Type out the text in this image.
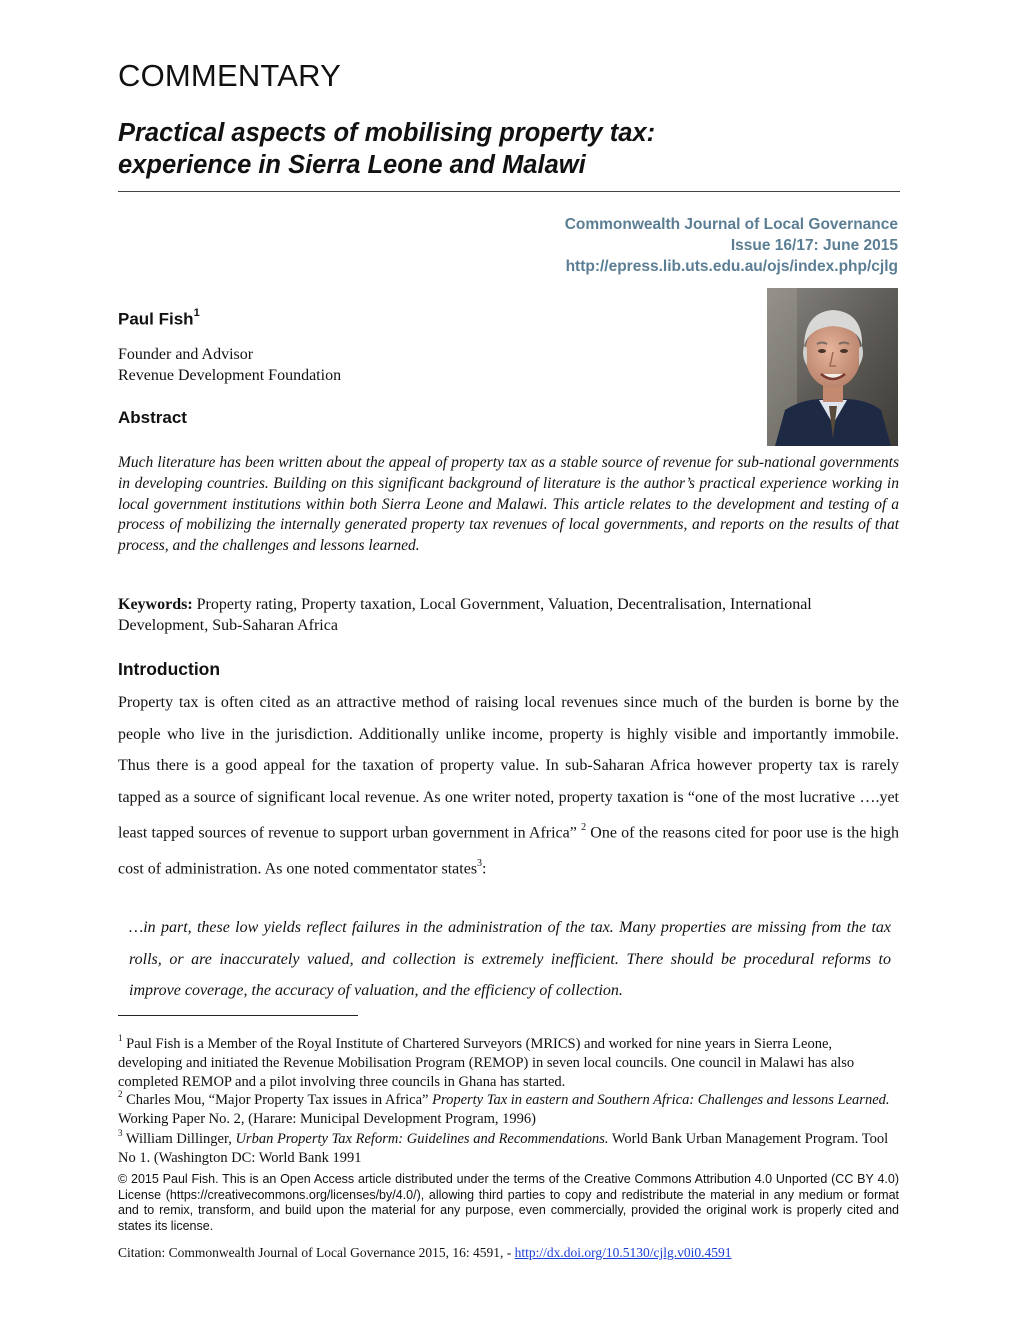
COMMENTARY
Practical aspects of mobilising property tax:
experience in Sierra Leone and Malawi
Commonwealth Journal of Local Governance
Issue 16/17: June 2015
http://epress.lib.uts.edu.au/ojs/index.php/cjlg
Paul Fish$^1$
Founder and Advisor
Revenue Development Foundation
Abstract
Much literature has been written about the appeal of property tax as a stable source of revenue for sub-national governments in developing countries. Building on this significant background of literature is the author’s practical experience working in local government institutions within both Sierra Leone and Malawi. This article relates to the development and testing of a process of mobilizing the internally generated property tax revenues of local governments, and reports on the results of that process, and the challenges and lessons learned.
Keywords: Property rating, Property taxation, Local Government, Valuation, Decentralisation, International Development, Sub-Saharan Africa
Introduction
Property tax is often cited as an attractive method of raising local revenues since much of the burden is borne by the people who live in the jurisdiction. Additionally unlike income, property is highly visible and importantly immobile. Thus there is a good appeal for the taxation of property value. In sub-Saharan Africa however property tax is rarely tapped as a source of significant local revenue. As one writer noted, property taxation is “one of the most lucrative ….yet least tapped sources of revenue to support urban government in Africa” $^2$ One of the reasons cited for poor use is the high cost of administration. As one noted commentator states$^3$:
…in part, these low yields reflect failures in the administration of the tax. Many properties are missing from the tax rolls, or are inaccurately valued, and collection is extremely inefficient. There should be procedural reforms to improve coverage, the accuracy of valuation, and the efficiency of collection.
$^1$ Paul Fish is a Member of the Royal Institute of Chartered Surveyors (MRICS) and worked for nine years in Sierra Leone, developing and initiated the Revenue Mobilisation Program (REMOP) in seven local councils. One council in Malawi has also completed REMOP and a pilot involving three councils in Ghana has started.
$^2$ Charles Mou, “Major Property Tax issues in Africa” Property Tax in eastern and Southern Africa: Challenges and lessons Learned. Working Paper No. 2, (Harare: Municipal Development Program, 1996)
$^3$ William Dillinger, Urban Property Tax Reform: Guidelines and Recommendations. World Bank Urban Management Program. Tool No 1. (Washington DC: World Bank 1991
© 2015 Paul Fish. This is an Open Access article distributed under the terms of the Creative Commons Attribution 4.0 Unported (CC BY 4.0) License (https://creativecommons.org/licenses/by/4.0/), allowing third parties to copy and redistribute the material in any medium or format and to remix, transform, and build upon the material for any purpose, even commercially, provided the original work is properly cited and states its license.
Citation: Commonwealth Journal of Local Governance 2015, 16: 4591, - http://dx.doi.org/10.5130/cjlg.v0i0.4591
